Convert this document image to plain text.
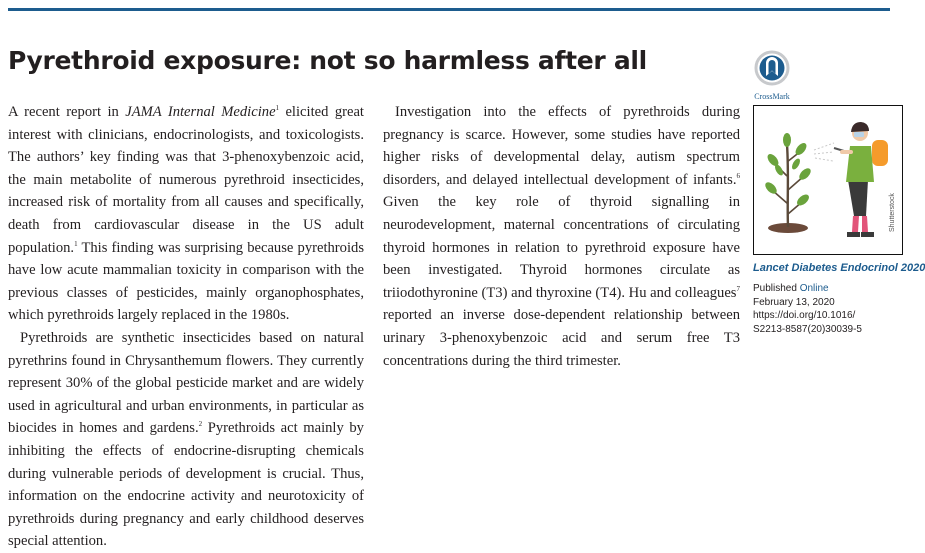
Pyrethroid exposure: not so harmless after all
CrossMark

A recent report in JAMA Internal Medicine$^1$ elicited great interest with clinicians, endocrinologists, and toxicologists. The authors’ key finding was that 3-phenoxybenzoic acid, the main metabolite of numerous pyrethroid insecticides, increased risk of mortality from all causes and specifically, death from cardiovascular disease in the US adult population.$^1$ This finding was surprising because pyrethroids have low acute mammalian toxicity in comparison with the previous classes of pesticides, mainly organophosphates, which pyrethroids largely replaced in the 1980s.

Pyrethroids are synthetic insecticides based on natural pyrethrins found in Chrysanthemum flowers. They currently represent 30% of the global pesticide market and are widely used in agricultural and urban environments, in particular as biocides in homes and gardens.$^2$ Pyrethroids act mainly by inhibiting the effects of endocrine-disrupting chemicals during vulnerable periods of development is crucial. Thus, information on the endocrine activity and neurotoxicity of pyrethroids during pregnancy and early childhood deserves special attention.

Investigation into the effects of pyrethroids during pregnancy is scarce. However, some studies have reported higher risks of developmental delay, autism spectrum disorders, and delayed intellectual development of infants.$^6$ Given the key role of thyroid signalling in neurodevelopment, maternal concentrations of circulating thyroid hormones in relation to pyrethroid exposure have been investigated. Thyroid hormones circulate as triiodothyronine (T3) and thyroxine (T4). Hu and colleagues$^7$ reported an inverse dose-dependent relationship between urinary 3-phenoxybenzoic acid and serum free T3 concentrations during the third trimester.

Shutterstock
Lancet Diabetes Endocrinol 2020
Published Online
February 13, 2020
https://doi.org/10.1016/
S2213-8587(20)30039-5
